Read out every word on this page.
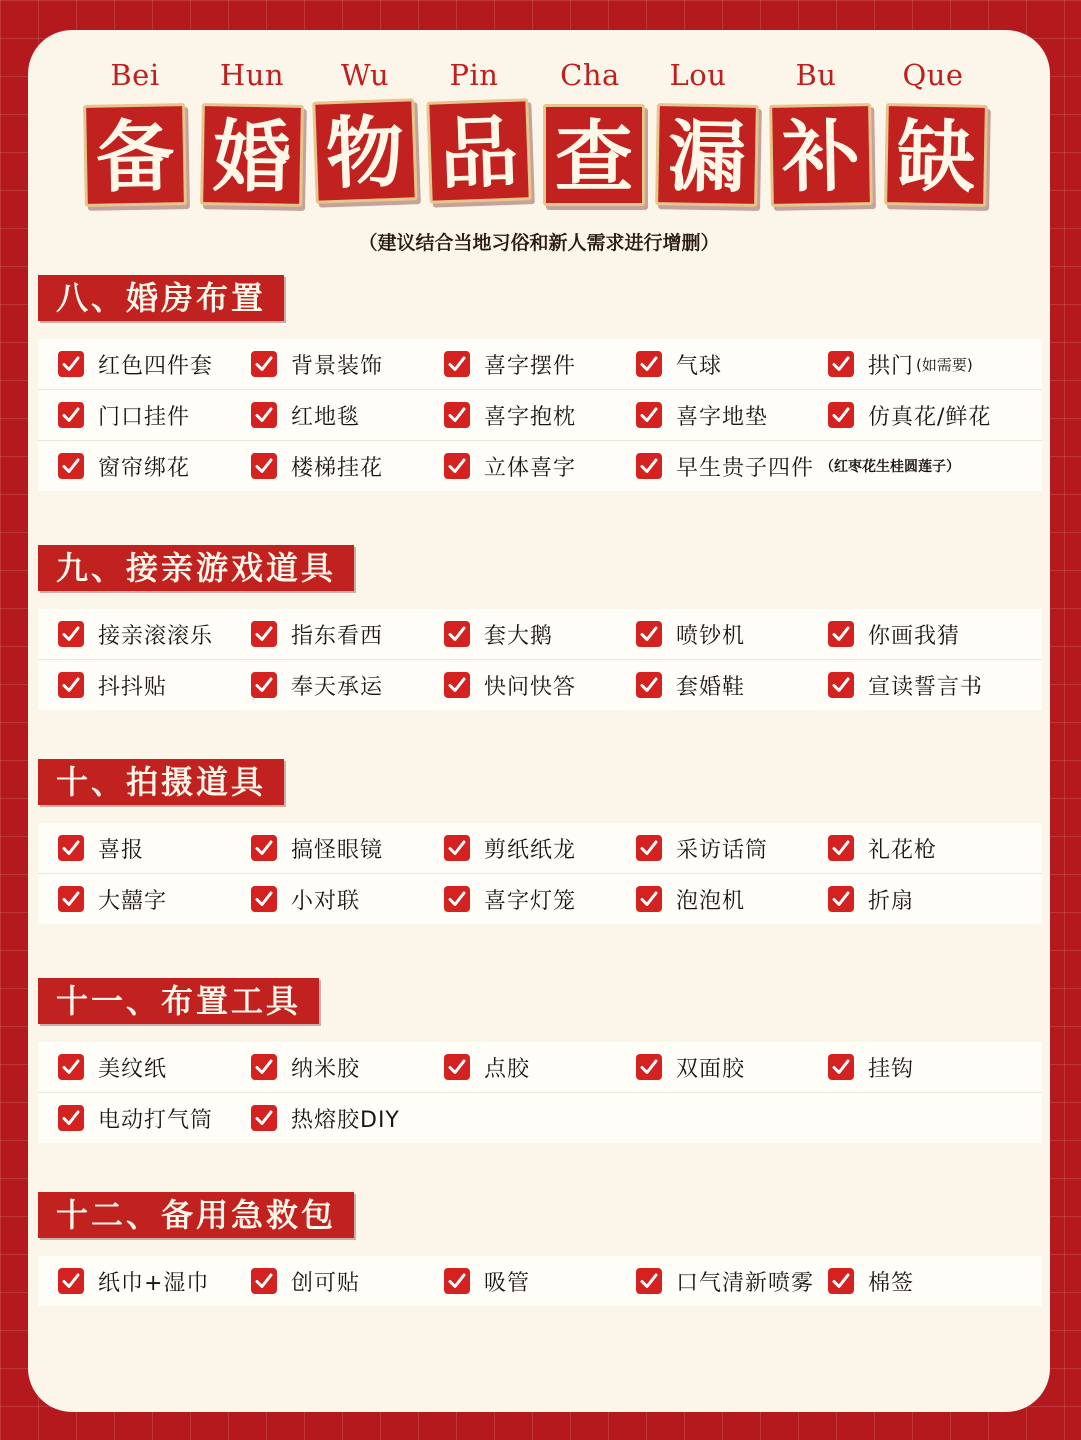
Bei	Hun	Wu	Pin	Cha	Lou	Bu	Que
备 婚 物 品 查 漏 补 缺
（建议结合当地习俗和新人需求进行增删）
八、婚房布置
红色四件套	背景装饰	喜字摆件	气球	拱门 (如需要)
门口挂件	红地毯	喜字抱枕	喜字地垫	仿真花/鲜花
窗帘绑花	楼梯挂花	立体喜字	早生贵子四件 （红枣花生桂圆莲子）
九、接亲游戏道具
接亲滚滚乐	指东看西	套大鹅	喷钞机	你画我猜
抖抖贴	奉天承运	快问快答	套婚鞋	宣读誓言书
十、拍摄道具
喜报	搞怪眼镜	剪纸纸龙	采访话筒	礼花枪
大囍字	小对联	喜字灯笼	泡泡机	折扇
十一、布置工具
美纹纸	纳米胶	点胶	双面胶	挂钩
电动打气筒	热熔胶DIY
十二、备用急救包
纸巾+湿巾	创可贴	吸管	口气清新喷雾 棉签
